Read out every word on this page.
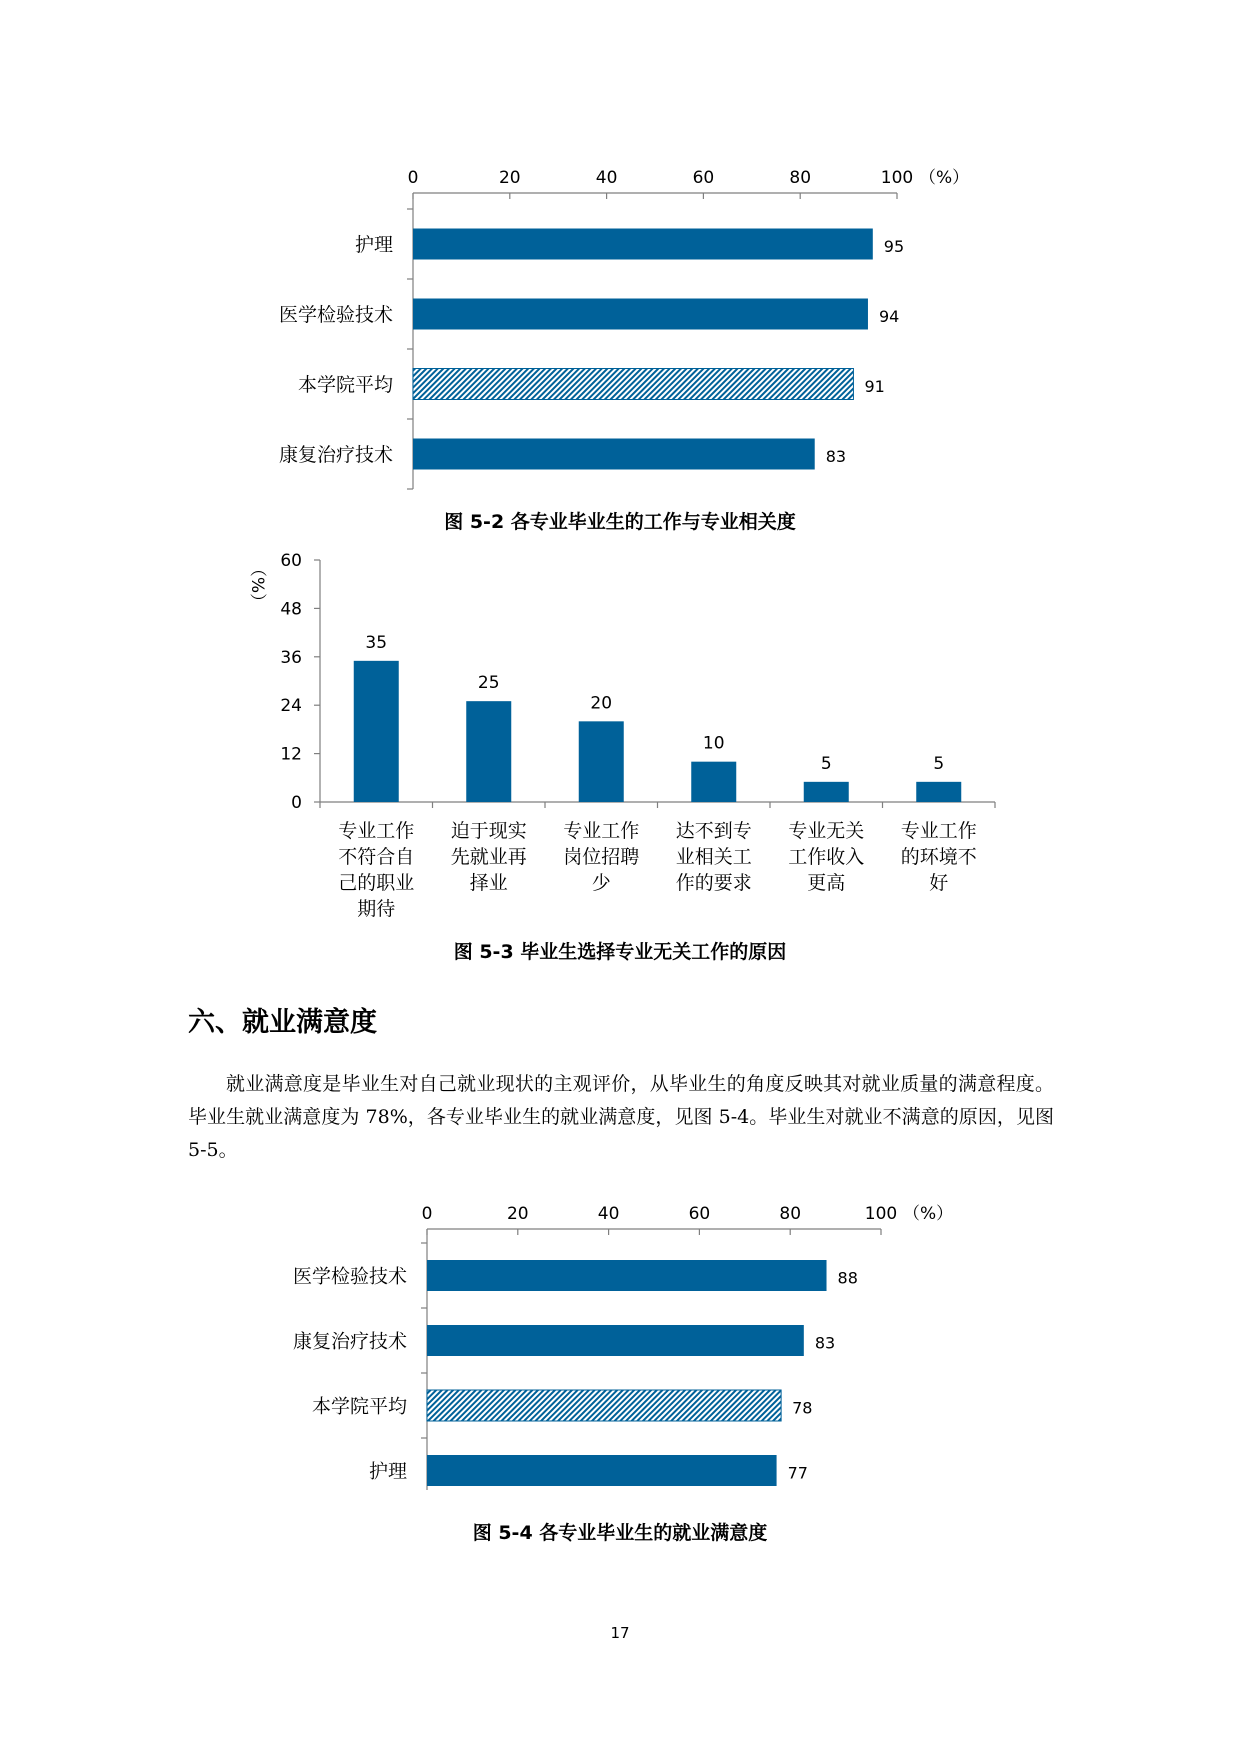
0	20	40	60	80	100 （%）
护理	95
医学检验技术	94
本学院平均	91
康复治疗技术	83
图 5-2 各专业毕业生的工作与专业相关度
0
12
24
36
48
60
（%）
35
专业工作
不符合自
己的职业
期待
25
迫于现实
先就业再
择业
20
专业工作
岗位招聘
少
10
达不到专
业相关工
作的要求
5
专业无关
工作收入
更高
5
专业工作
的环境不
好
图 5-3 毕业生选择专业无关工作的原因
六、就业满意度
就业满意度是毕业生对自己就业现状的主观评价，从毕业生的角度反映其对就业质量的满意程度。毕业生就业满意度为 78%，各专业毕业生的就业满意度，见图 5-4。毕业生对就业不满意的原因，见图 5-5。
0	20	40	60	80	100 （%）
医学检验技术	88
康复治疗技术	83
本学院平均	78
护理	77
图 5-4 各专业毕业生的就业满意度
17
